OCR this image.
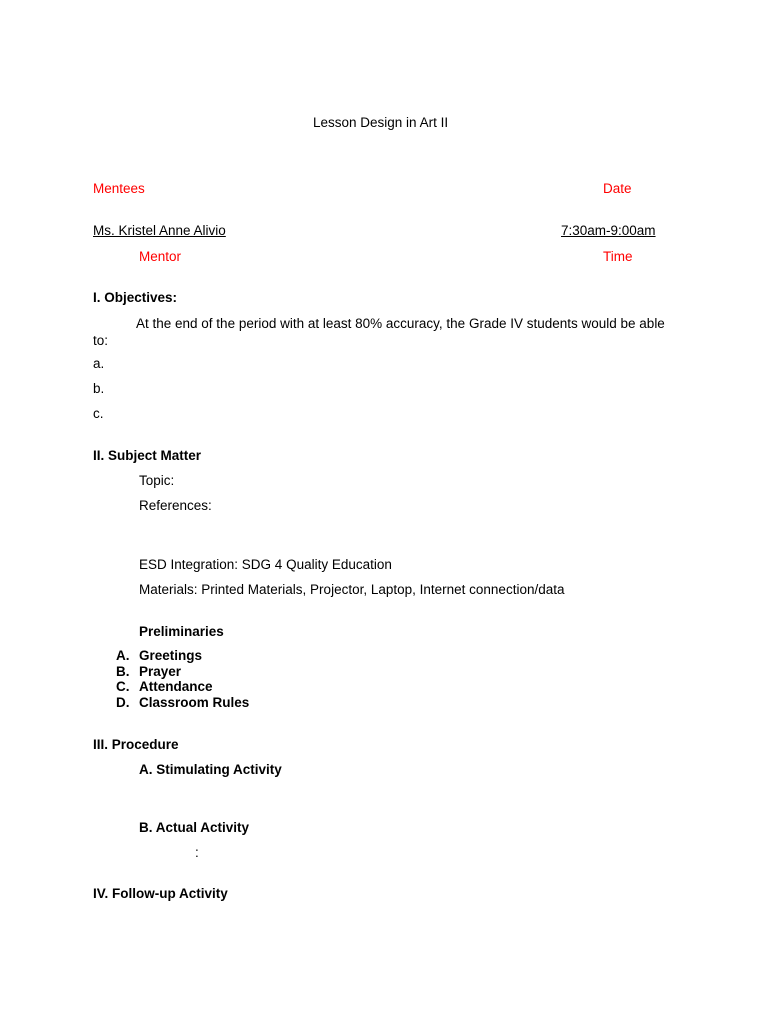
Lesson Design in Art II
Mentees	Date
Ms. Kristel Anne Alivio	7:30am-9:00am
Mentor	Time
I. Objectives:
At the end of the period with at least 80% accuracy, the Grade IV students would be able to:
a.
b.
c.
II. Subject Matter
Topic:
References:
ESD Integration: SDG 4 Quality Education
Materials: Printed Materials, Projector, Laptop, Internet connection/data
Preliminaries
A. Greetings
B. Prayer
C. Attendance
D. Classroom Rules
III. Procedure
A. Stimulating Activity
B. Actual Activity
:
IV. Follow-up Activity
